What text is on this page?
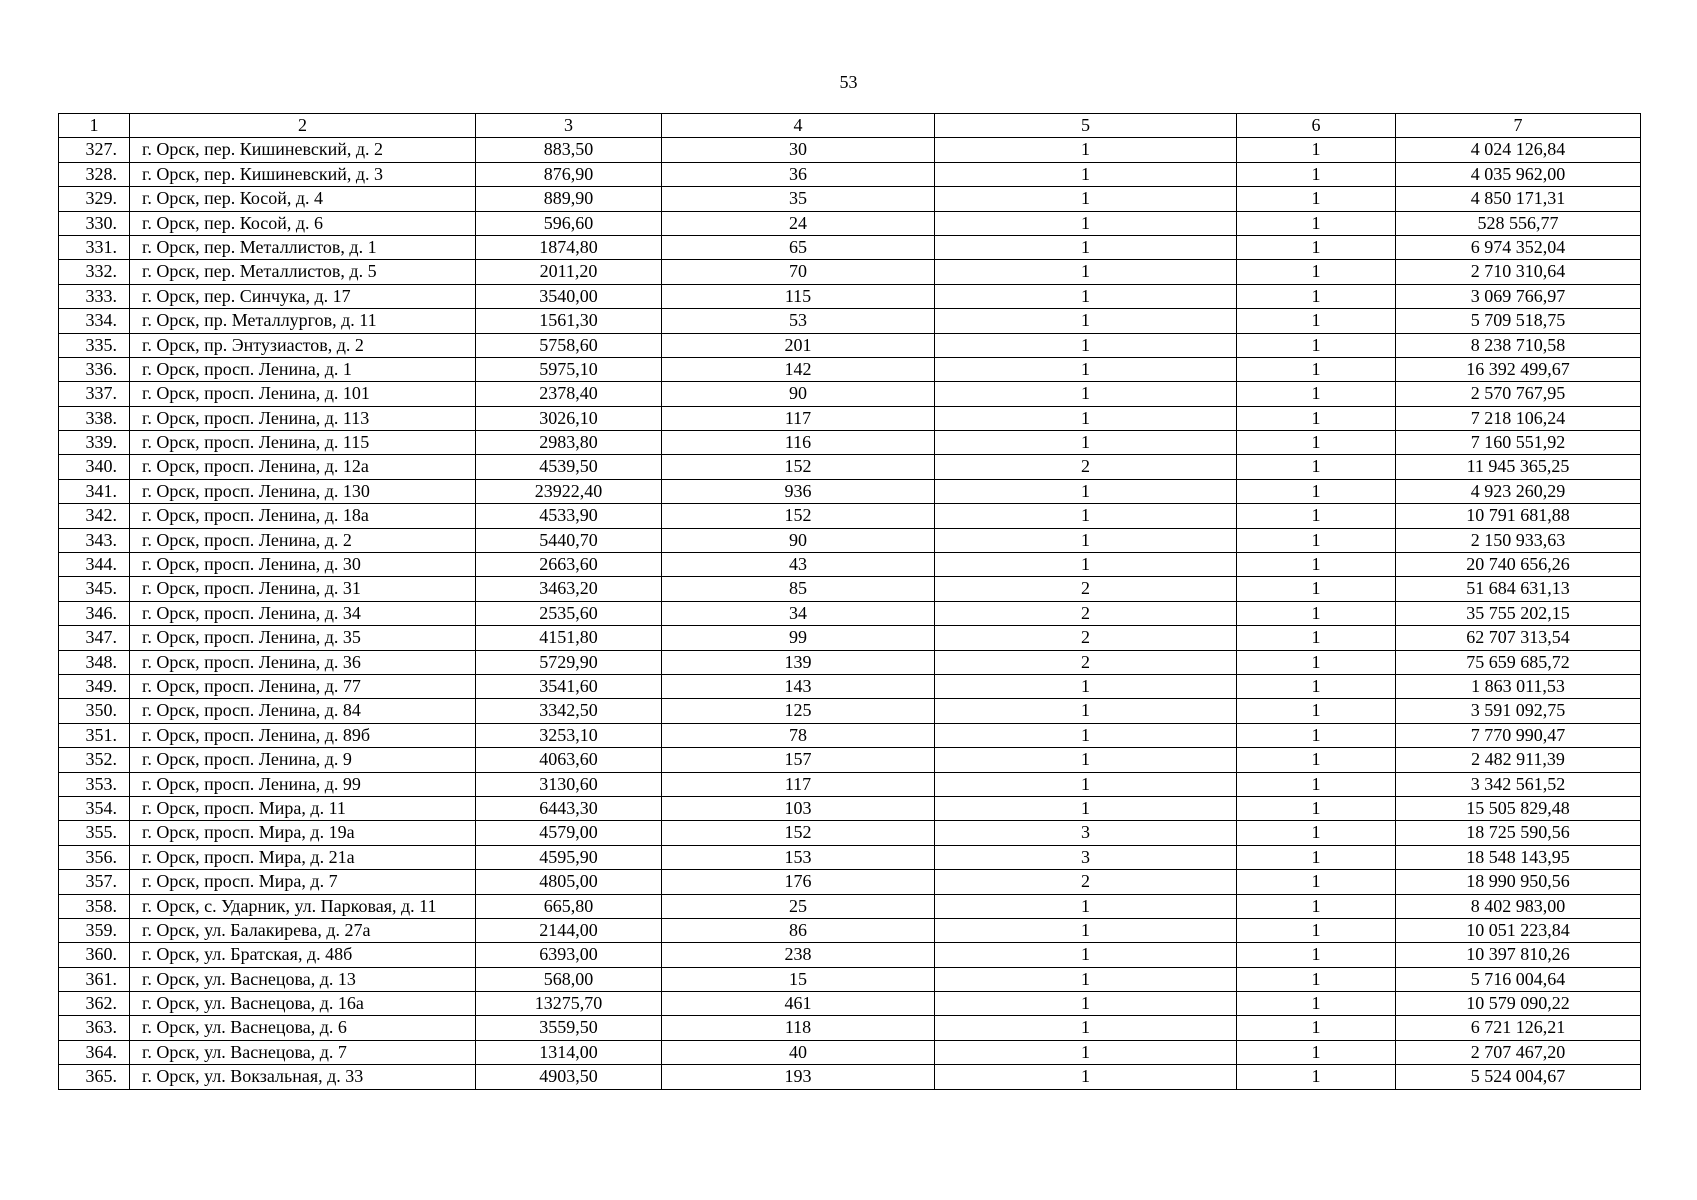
53
1	2	3	4	5	6	7
327.	г. Орск, пер. Кишиневский, д. 2	883,50	30	1	1	4 024 126,84
328.	г. Орск, пер. Кишиневский, д. 3	876,90	36	1	1	4 035 962,00
329.	г. Орск, пер. Косой, д. 4	889,90	35	1	1	4 850 171,31
330.	г. Орск, пер. Косой, д. 6	596,60	24	1	1	528 556,77
331.	г. Орск, пер. Металлистов, д. 1	1874,80	65	1	1	6 974 352,04
332.	г. Орск, пер. Металлистов, д. 5	2011,20	70	1	1	2 710 310,64
333.	г. Орск, пер. Синчука, д. 17	3540,00	115	1	1	3 069 766,97
334.	г. Орск, пр. Металлургов, д. 11	1561,30	53	1	1	5 709 518,75
335.	г. Орск, пр. Энтузиастов, д. 2	5758,60	201	1	1	8 238 710,58
336.	г. Орск, просп. Ленина, д. 1	5975,10	142	1	1	16 392 499,67
337.	г. Орск, просп. Ленина, д. 101	2378,40	90	1	1	2 570 767,95
338.	г. Орск, просп. Ленина, д. 113	3026,10	117	1	1	7 218 106,24
339.	г. Орск, просп. Ленина, д. 115	2983,80	116	1	1	7 160 551,92
340.	г. Орск, просп. Ленина, д. 12а	4539,50	152	2	1	11 945 365,25
341.	г. Орск, просп. Ленина, д. 130	23922,40	936	1	1	4 923 260,29
342.	г. Орск, просп. Ленина, д. 18а	4533,90	152	1	1	10 791 681,88
343.	г. Орск, просп. Ленина, д. 2	5440,70	90	1	1	2 150 933,63
344.	г. Орск, просп. Ленина, д. 30	2663,60	43	1	1	20 740 656,26
345.	г. Орск, просп. Ленина, д. 31	3463,20	85	2	1	51 684 631,13
346.	г. Орск, просп. Ленина, д. 34	2535,60	34	2	1	35 755 202,15
347.	г. Орск, просп. Ленина, д. 35	4151,80	99	2	1	62 707 313,54
348.	г. Орск, просп. Ленина, д. 36	5729,90	139	2	1	75 659 685,72
349.	г. Орск, просп. Ленина, д. 77	3541,60	143	1	1	1 863 011,53
350.	г. Орск, просп. Ленина, д. 84	3342,50	125	1	1	3 591 092,75
351.	г. Орск, просп. Ленина, д. 89б	3253,10	78	1	1	7 770 990,47
352.	г. Орск, просп. Ленина, д. 9	4063,60	157	1	1	2 482 911,39
353.	г. Орск, просп. Ленина, д. 99	3130,60	117	1	1	3 342 561,52
354.	г. Орск, просп. Мира, д. 11	6443,30	103	1	1	15 505 829,48
355.	г. Орск, просп. Мира, д. 19а	4579,00	152	3	1	18 725 590,56
356.	г. Орск, просп. Мира, д. 21а	4595,90	153	3	1	18 548 143,95
357.	г. Орск, просп. Мира, д. 7	4805,00	176	2	1	18 990 950,56
358.	г. Орск, с. Ударник, ул. Парковая, д. 11	665,80	25	1	1	8 402 983,00
359.	г. Орск, ул. Балакирева, д. 27а	2144,00	86	1	1	10 051 223,84
360.	г. Орск, ул. Братская, д. 48б	6393,00	238	1	1	10 397 810,26
361.	г. Орск, ул. Васнецова, д. 13	568,00	15	1	1	5 716 004,64
362.	г. Орск, ул. Васнецова, д. 16а	13275,70	461	1	1	10 579 090,22
363.	г. Орск, ул. Васнецова, д. 6	3559,50	118	1	1	6 721 126,21
364.	г. Орск, ул. Васнецова, д. 7	1314,00	40	1	1	2 707 467,20
365.	г. Орск, ул. Вокзальная, д. 33	4903,50	193	1	1	5 524 004,67
